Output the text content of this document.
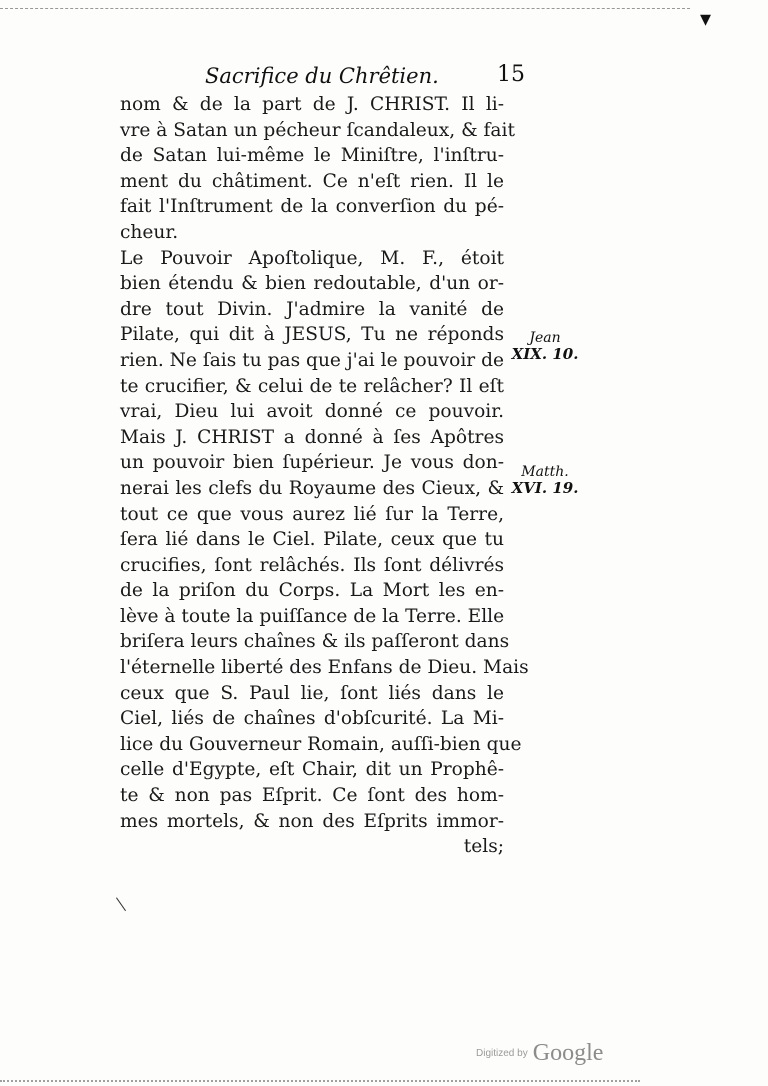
▾
Sacrifice du Chrêtien.	15
nom & de la part de J. CHRIST. Il li-
vre à Satan un pécheur ſcandaleux, & fait
de Satan lui-même le Miniſtre, l'inſtru-
ment du châtiment. Ce n'eſt rien. Il le
fait l'Inſtrument de la converſion du pé-
cheur.
Le Pouvoir Apoſtolique, M. F., étoit
bien étendu & bien redoutable, d'un or-
dre tout Divin. J'admire la vanité de
Pilate, qui dit à JESUS, Tu ne réponds
rien. Ne ſais tu pas que j'ai le pouvoir de
te crucifier, & celui de te relâcher? Il eſt
vrai, Dieu lui avoit donné ce pouvoir.
Mais J. CHRIST a donné à ſes Apôtres
un pouvoir bien ſupérieur. Je vous don-
nerai les clefs du Royaume des Cieux, &
tout ce que vous aurez lié ſur la Terre,
ſera lié dans le Ciel. Pilate, ceux que tu
crucifies, ſont relâchés. Ils ſont délivrés
de la priſon du Corps. La Mort les en-
lève à toute la puiſſance de la Terre. Elle
briſera leurs chaînes & ils paſſeront dans
l'éternelle liberté des Enfans de Dieu. Mais
ceux que S. Paul lie, ſont liés dans le
Ciel, liés de chaînes d'obſcurité. La Mi-
lice du Gouverneur Romain, auſſi-bien que
celle d'Egypte, eſt Chair, dit un Prophê-
te & non pas Eſprit. Ce ſont des hom-
mes mortels, & non des Eſprits immor-
tels;
Jean
XIX. 10.
Matth.
XVI. 19.
Digitized by Google
